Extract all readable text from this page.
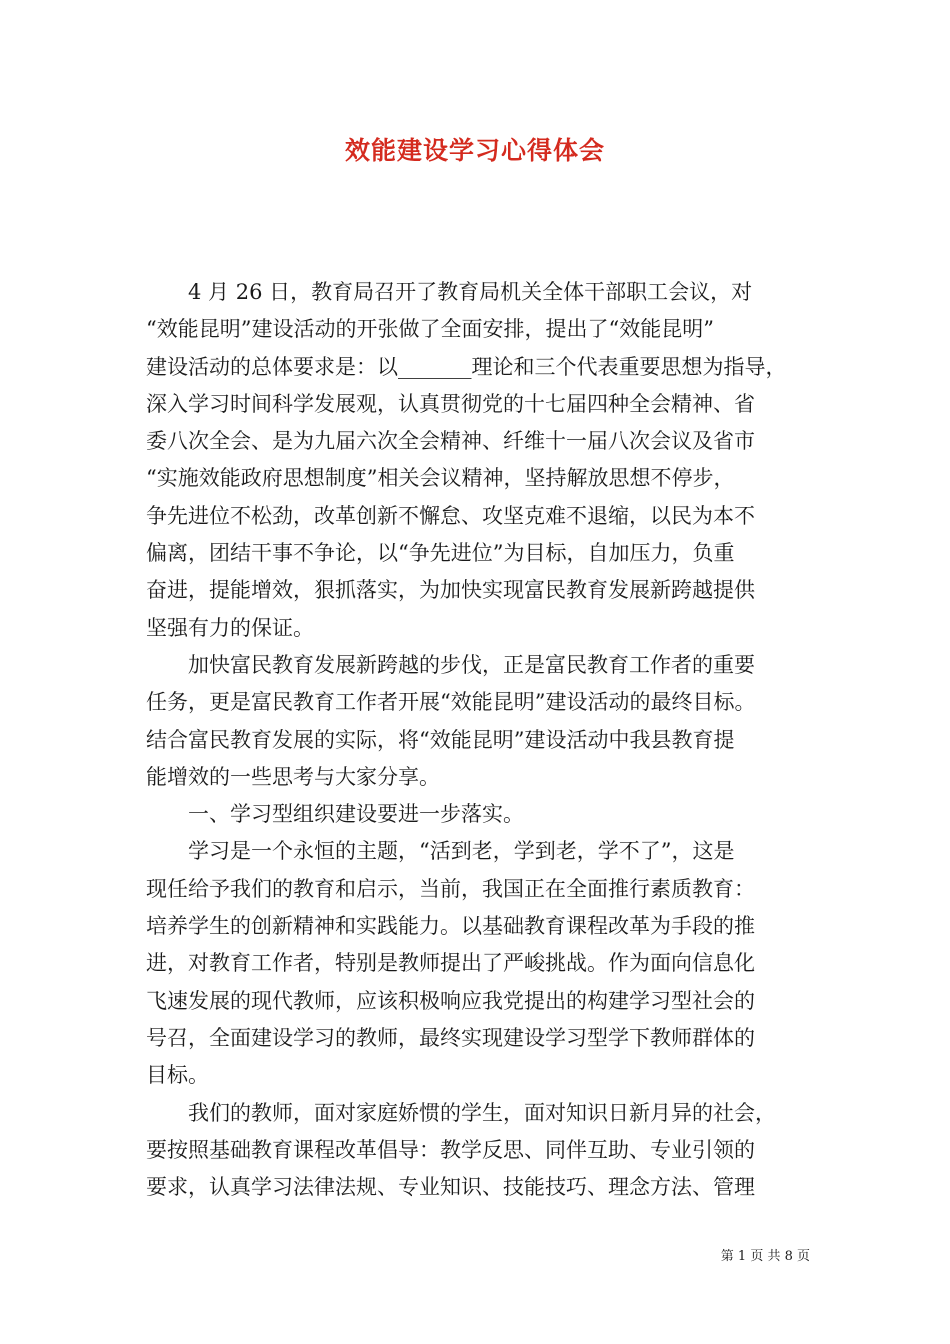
效能建设学习心得体会
　　4 月 26 日，教育局召开了教育局机关全体干部职工会议，对
“效能昆明”建设活动的开张做了全面安排，提出了“效能昆明”
建设活动的总体要求是：以_______理论和三个代表重要思想为指导，
深入学习时间科学发展观，认真贯彻党的十七届四种全会精神、省
委八次全会、是为九届六次全会精神、纤维十一届八次会议及省市
“实施效能政府思想制度”相关会议精神，坚持解放思想不停步，
争先进位不松劲，改革创新不懈怠、攻坚克难不退缩，以民为本不
偏离，团结干事不争论，以“争先进位”为目标，自加压力，负重
奋进，提能增效，狠抓落实，为加快实现富民教育发展新跨越提供
坚强有力的保证。
　　加快富民教育发展新跨越的步伐，正是富民教育工作者的重要
任务，更是富民教育工作者开展“效能昆明”建设活动的最终目标。
结合富民教育发展的实际，将“效能昆明”建设活动中我县教育提
能增效的一些思考与大家分享。
　　一、学习型组织建设要进一步落实。
　　学习是一个永恒的主题，“活到老，学到老，学不了”，这是
现任给予我们的教育和启示，当前，我国正在全面推行素质教育：
培养学生的创新精神和实践能力。以基础教育课程改革为手段的推
进，对教育工作者，特别是教师提出了严峻挑战。作为面向信息化
飞速发展的现代教师，应该积极响应我党提出的构建学习型社会的
号召，全面建设学习的教师，最终实现建设学习型学下教师群体的
目标。
　　我们的教师，面对家庭娇惯的学生，面对知识日新月异的社会，
要按照基础教育课程改革倡导：教学反思、同伴互助、专业引领的
要求，认真学习法律法规、专业知识、技能技巧、理念方法、管理
第 1 页 共 8 页
